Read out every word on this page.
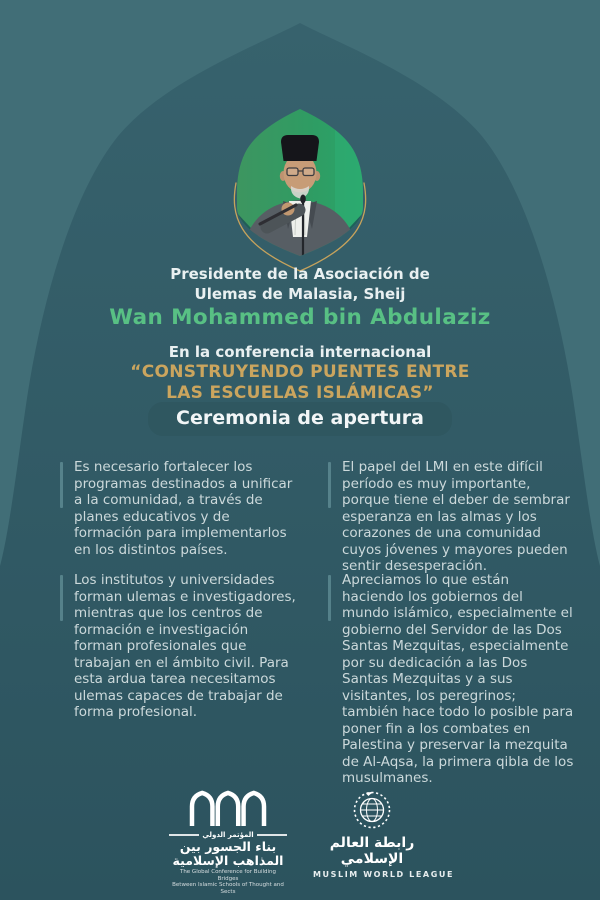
Presidente de la Asociación de
Ulemas de Malasia, Sheij
Wan Mohammed bin Abdulaziz
En la conferencia internacional
“CONSTRUYENDO PUENTES ENTRE
LAS ESCUELAS ISLÁMICAS”
Ceremonia de apertura

Es necesario fortalecer los programas destinados a unificar a la comunidad, a través de planes educativos y de formación para implementarlos en los distintos países.

Los institutos y universidades forman ulemas e investigadores, mientras que los centros de formación e investigación forman profesionales que trabajan en el ámbito civil. Para esta ardua tarea necesitamos ulemas capaces de trabajar de forma profesional.

El papel del LMI en este difícil período es muy importante, porque tiene el deber de sembrar esperanza en las almas y los corazones de una comunidad cuyos jóvenes y mayores pueden sentir desesperación.

Apreciamos lo que están haciendo los gobiernos del mundo islámico, especialmente el gobierno del Servidor de las Dos Santas Mezquitas, especialmente por su dedicación a las Dos Santas Mezquitas y a sus visitantes, los peregrinos; también hace todo lo posible para poner fin a los combates en Palestina y preservar la mezquita de Al-Aqsa, la primera qibla de los musulmanes.

المؤتمر الدولي
بناء الجسور بين
المذاهب الإسلامية
The Global Conference for Building Bridges
Between Islamic Schools of Thought and Sects
رابطة العالم الإسلامي
MUSLIM WORLD LEAGUE
